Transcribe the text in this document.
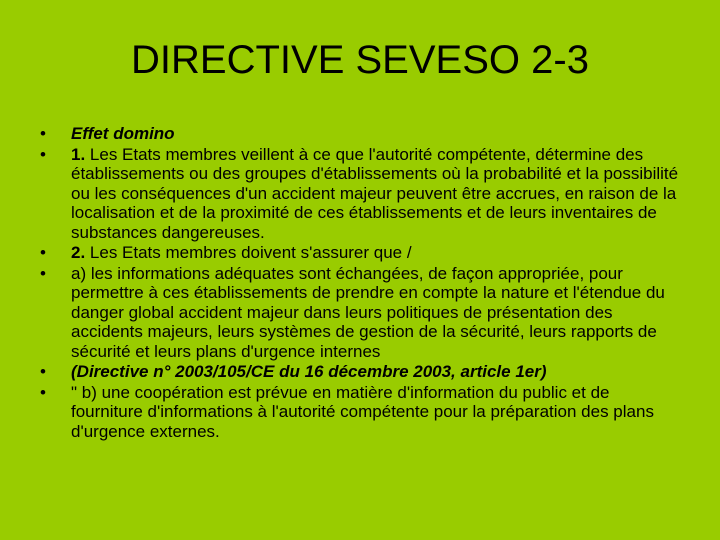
DIRECTIVE SEVESO 2-3
• Effet domino
• 1. Les Etats membres veillent à ce que l'autorité compétente, détermine des établissements ou des groupes d'établissements où la probabilité et la possibilité ou les conséquences d'un accident majeur peuvent être accrues, en raison de la localisation et de la proximité de ces établissements et de leurs inventaires de substances dangereuses.
• 2. Les Etats membres doivent s'assurer que /
• a) les informations adéquates sont échangées, de façon appropriée, pour permettre à ces établissements de prendre en compte la nature et l'étendue du danger global accident majeur dans leurs politiques de présentation des accidents majeurs, leurs systèmes de gestion de la sécurité, leurs rapports de sécurité et leurs plans d'urgence internes
• (Directive n° 2003/105/CE du 16 décembre 2003, article 1er)
• " b) une coopération est prévue en matière d'information du public et de fourniture d'informations à l'autorité compétente pour la préparation des plans d'urgence externes.
